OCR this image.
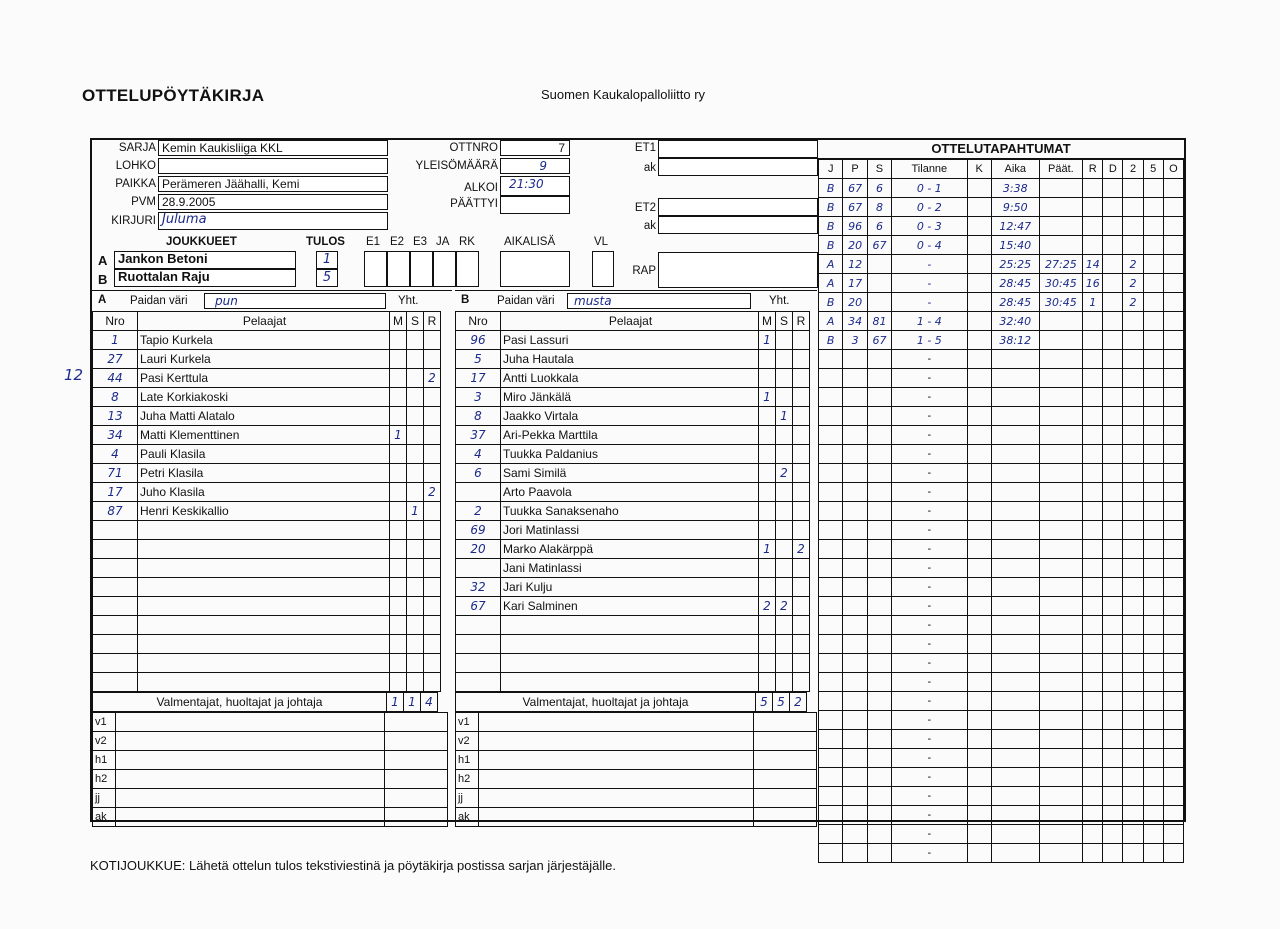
OTTELUPÖYTÄKIRJA	Suomen Kaukalopalloliitto ry
SARJA Kemin Kaukisliiga KKL
LOHKO
PAIKKA Perämeren Jäähalli, Kemi
PVM 28.9.2005
KIRJURI Juluma
OTTNRO	7
YLEISÖMÄÄRÄ	9
ALKOI 21:30
PÄÄTTYI
ET1
ak
ET2
ak
RAP
JOUKKUEET	TULOS E1 E2 E3 JA RK	AIKALISÄ	VL
A Jankon Betoni
B Ruottalan Raju
1
5
A Paidan väri	pun	Yht.
Nro	Pelaajat	M	S	R
1	Tapio Kurkela			
27	Lauri Kurkela			
44	Pasi Kerttula			2
8	Late Korkiakoski			
13	Juha Matti Alatalo			
34	Matti Klementtinen	1		
4	Pauli Klasila			
71	Petri Klasila			
17	Juho Klasila			2
87	Henri Keskikallio		1	

Valmentajat, huoltajat ja johtaja	1	1	4
v1		
v2		
h1		
h2		
jj		
ak		
12
B Paidan väri	musta	Yht.
Nro	Pelaajat	M	S	R
96	Pasi Lassuri	1		
5	Juha Hautala			
17	Antti Luokkala			
3	Miro Jänkälä	1		
8	Jaakko Virtala		1	
37	Ari-Pekka Marttila			
4	Tuukka Paldanius			
6	Sami Similä		2	
	Arto Paavola			
2	Tuukka Sanaksenaho			
69	Jori Matinlassi			
20	Marko Alakärppä	1		2
	Jani Matinlassi			
32	Jari Kulju			
67	Kari Salminen	2	2	

Valmentajat, huoltajat ja johtaja	5	5	2
v1		
v2		
h1		
h2		
jj		
ak		
OTTELUTAPAHTUMAT
J	P	S	Tilanne	K	Aika	Päät.	R	D	2	5	O
B	67	6	0 - 1		3:38						
B	67	8	0 - 2		9:50						
B	96	6	0 - 3		12:47						
B	20	67	0 - 4		15:40						
A	12		-		25:25	27:25	14		2		
A	17		-		28:45	30:45	16		2		
B	20		-		28:45	30:45	1		2		
A	34	81	1 - 4		32:40						
B	3	67	1 - 5		38:12						
			-								
			-								
			-								
			-								
			-								
			-								
			-								
			-								
			-								
			-								
			-								
			-								
			-								
			-								
			-								
			-								
			-								
			-								
			-								
			-								
			-								
			-								
			-								
			-								
			-								
			-								
			-								
KOTIJOUKKUE: Lähetä ottelun tulos tekstiviestinä ja pöytäkirja postissa sarjan järjestäjälle.
